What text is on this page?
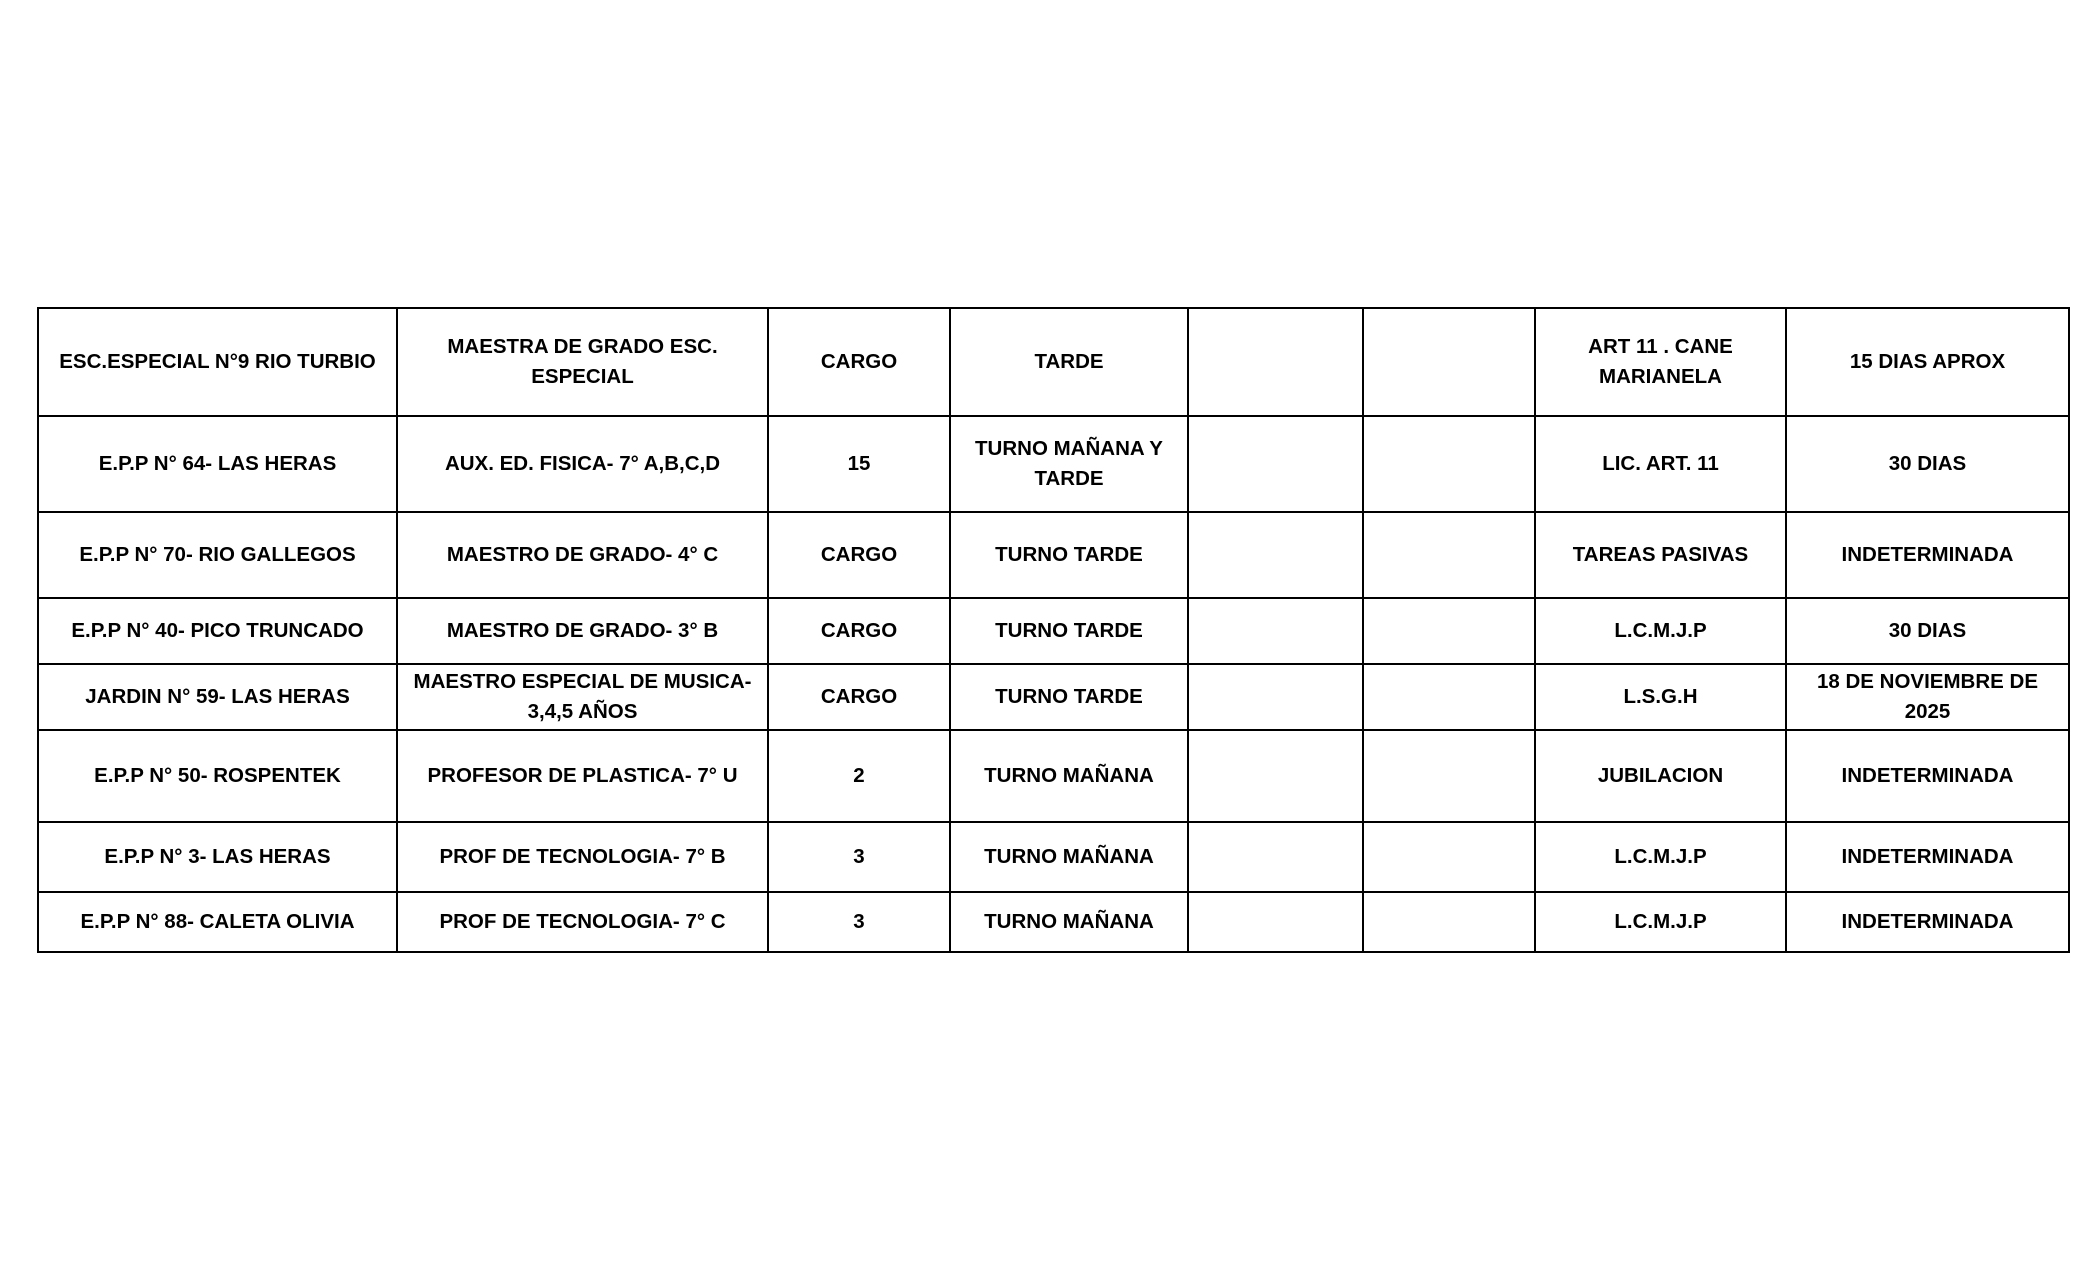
ESC.ESPECIAL N°9 RIO TURBIO	MAESTRA DE GRADO ESC. ESPECIAL	CARGO	TARDE			ART 11 . CANE MARIANELA	15 DIAS APROX
E.P.P N° 64- LAS HERAS	AUX. ED. FISICA- 7° A,B,C,D	15	TURNO MAÑANA Y TARDE			LIC. ART. 11	30 DIAS
E.P.P N° 70- RIO GALLEGOS	MAESTRO DE GRADO- 4° C	CARGO	TURNO TARDE			TAREAS PASIVAS	INDETERMINADA
E.P.P N° 40- PICO TRUNCADO	MAESTRO DE GRADO- 3° B	CARGO	TURNO TARDE			L.C.M.J.P	30 DIAS
JARDIN N° 59- LAS HERAS	MAESTRO ESPECIAL DE MUSICA- 3,4,5 AÑOS	CARGO	TURNO TARDE			L.S.G.H	18 DE NOVIEMBRE DE 2025
E.P.P N° 50- ROSPENTEK	PROFESOR DE PLASTICA- 7° U	2	TURNO MAÑANA			JUBILACION	INDETERMINADA
E.P.P N° 3- LAS HERAS	PROF DE TECNOLOGIA- 7° B	3	TURNO MAÑANA			L.C.M.J.P	INDETERMINADA
E.P.P N° 88- CALETA OLIVIA	PROF DE TECNOLOGIA- 7° C	3	TURNO MAÑANA			L.C.M.J.P	INDETERMINADA
